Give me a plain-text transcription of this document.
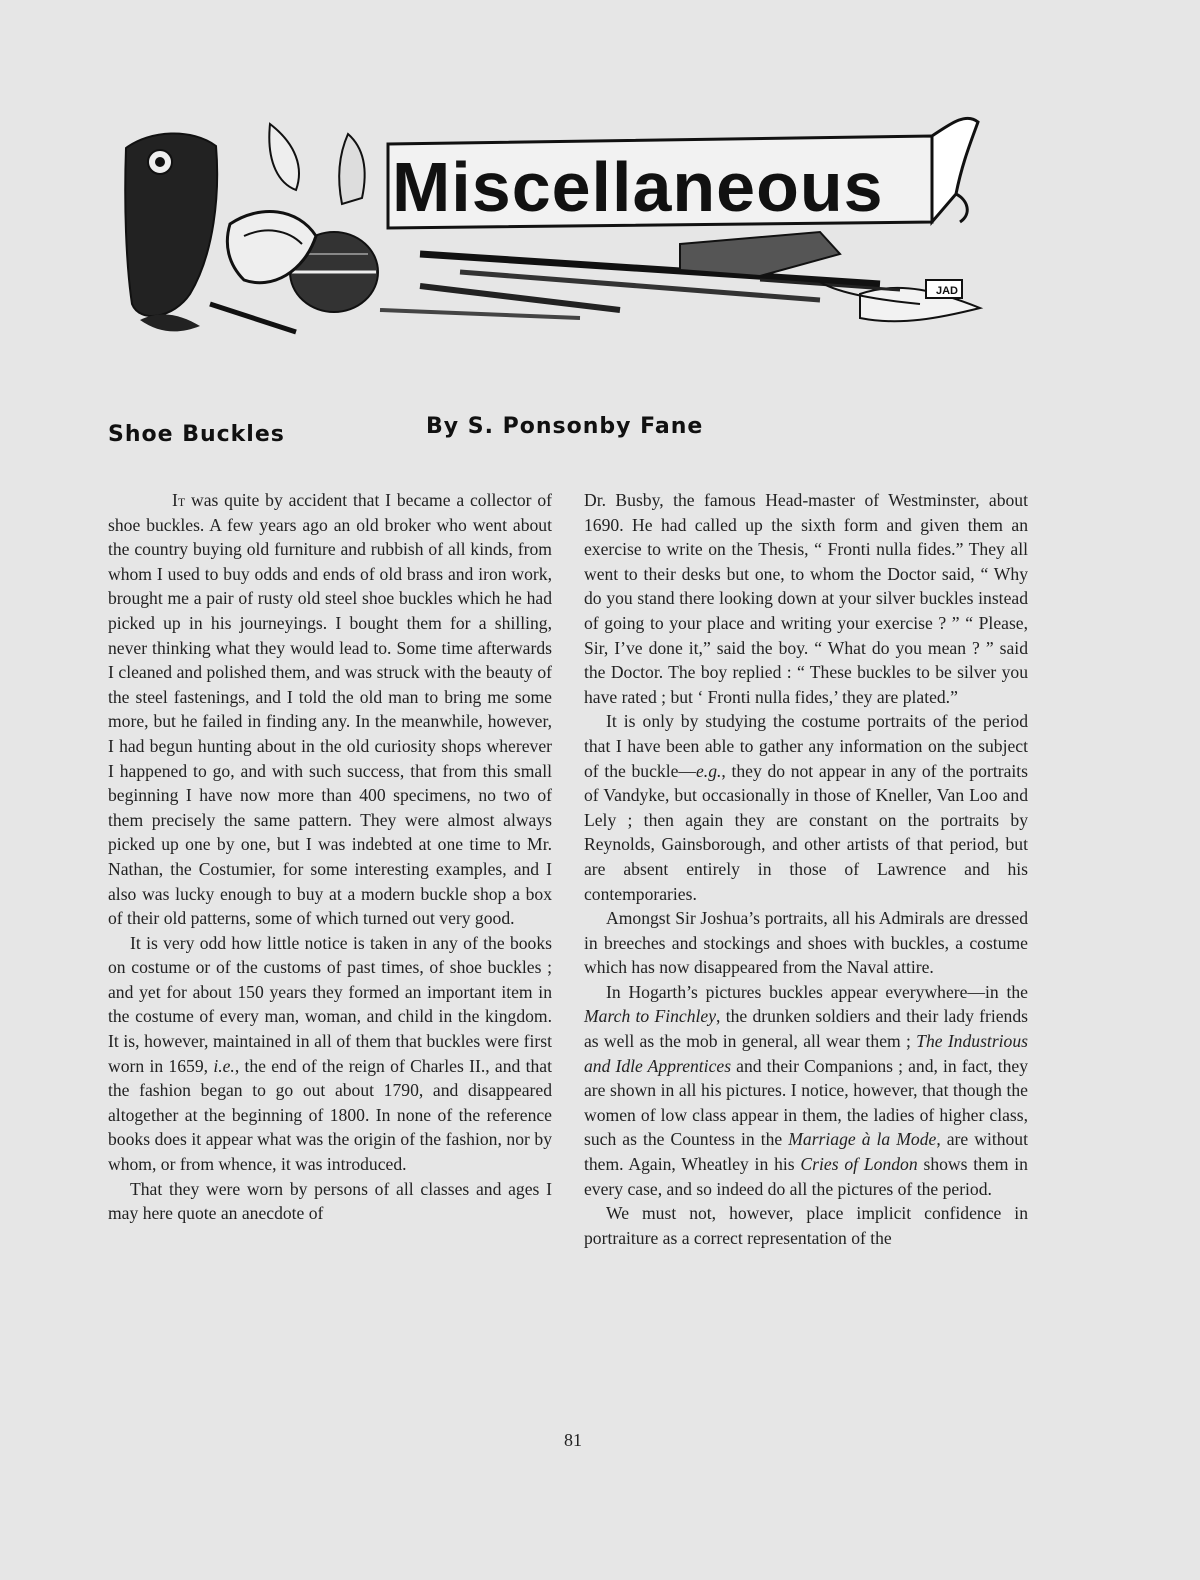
Miscellaneous
JAD
Shoe Buckles	By S. Ponsonby Fane

It was quite by accident that I became a collector of shoe buckles. A few years ago an old broker who went about the country buying old furniture and rubbish of all kinds, from whom I used to buy odds and ends of old brass and iron work, brought me a pair of rusty old steel shoe buckles which he had picked up in his journeyings. I bought them for a shilling, never thinking what they would lead to. Some time afterwards I cleaned and polished them, and was struck with the beauty of the steel fastenings, and I told the old man to bring me some more, but he failed in finding any. In the meanwhile, however, I had begun hunting about in the old curiosity shops wherever I happened to go, and with such success, that from this small beginning I have now more than 400 specimens, no two of them precisely the same pattern. They were almost always picked up one by one, but I was indebted at one time to Mr. Nathan, the Costumier, for some interesting examples, and I also was lucky enough to buy at a modern buckle shop a box of their old patterns, some of which turned out very good.

It is very odd how little notice is taken in any of the books on costume or of the customs of past times, of shoe buckles ; and yet for about 150 years they formed an important item in the costume of every man, woman, and child in the kingdom. It is, however, maintained in all of them that buckles were first worn in 1659, i.e., the end of the reign of Charles II., and that the fashion began to go out about 1790, and disappeared altogether at the beginning of 1800. In none of the reference books does it appear what was the origin of the fashion, nor by whom, or from whence, it was introduced.

That they were worn by persons of all classes and ages I may here quote an anecdote of

Dr. Busby, the famous Head-master of Westminster, about 1690. He had called up the sixth form and given them an exercise to write on the Thesis, “ Fronti nulla fides.” They all went to their desks but one, to whom the Doctor said, “ Why do you stand there looking down at your silver buckles instead of going to your place and writing your exercise ? ” “ Please, Sir, I’ve done it,” said the boy. “ What do you mean ? ” said the Doctor. The boy replied : “ These buckles to be silver you have rated ; but ‘ Fronti nulla fides,’ they are plated.”

It is only by studying the costume portraits of the period that I have been able to gather any information on the subject of the buckle—e.g., they do not appear in any of the portraits of Vandyke, but occasionally in those of Kneller, Van Loo and Lely ; then again they are constant on the portraits by Reynolds, Gainsborough, and other artists of that period, but are absent entirely in those of Lawrence and his contemporaries.

Amongst Sir Joshua’s portraits, all his Admirals are dressed in breeches and stockings and shoes with buckles, a costume which has now disappeared from the Naval attire.

In Hogarth’s pictures buckles appear everywhere—in the March to Finchley, the drunken soldiers and their lady friends as well as the mob in general, all wear them ; The Industrious and Idle Apprentices and their Companions ; and, in fact, they are shown in all his pictures. I notice, however, that though the women of low class appear in them, the ladies of higher class, such as the Countess in the Marriage à la Mode, are without them. Again, Wheatley in his Cries of London shows them in every case, and so indeed do all the pictures of the period.

We must not, however, place implicit confidence in portraiture as a correct representation of the

81
